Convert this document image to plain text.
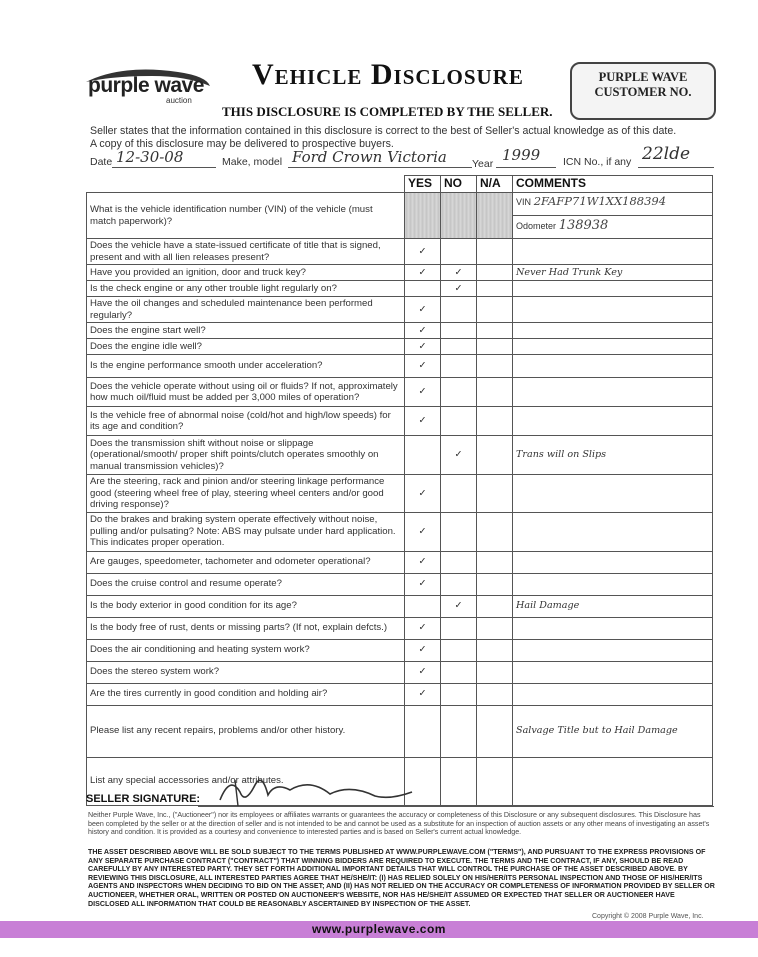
purple wave
auction
Vehicle Disclosure
THIS DISCLOSURE IS COMPLETED BY THE SELLER.
PURPLE WAVE
CUSTOMER NO.
Seller states that the information contained in this disclosure is correct to the best of Seller's actual knowledge as of this date.
A copy of this disclosure may be delivered to prospective buyers.
Date 12-30-08	Make, model Ford Crown Victoria Year 1999 ICN No., if any 22lde
	YES	NO	N/A	COMMENTS
What is the vehicle identification number (VIN) of the vehicle (must match paperwork)?				VIN 2FAFP71W1XX188394
Odometer 138938

Does the vehicle have a state-issued certificate of title that is signed, present and with all lien releases present?	✓			
Have you provided an ignition, door and truck key?	✓	✓		Never Had Trunk Key
Is the check engine or any other trouble light regularly on?		✓		
Have the oil changes and scheduled maintenance been performed regularly?	✓			
Does the engine start well?	✓			
Does the engine idle well?	✓			
Is the engine performance smooth under acceleration?	✓			
Does the vehicle operate without using oil or fluids? If not, approximately how much oil/fluid must be added per 3,000 miles of operation?	✓			
Is the vehicle free of abnormal noise (cold/hot and high/low speeds) for its age and condition?	✓			
Does the transmission shift without noise or slippage (operational/smooth/ proper shift points/clutch operates smoothly on manual transmission vehicles)?		✓		Trans will on Slips
Are the steering, rack and pinion and/or steering linkage performance good (steering wheel free of play, steering wheel centers and/or good driving response)?	✓			
Do the brakes and braking system operate effectively without noise, pulling and/or pulsating? Note: ABS may pulsate under hard application. This indicates proper operation.	✓			
Are gauges, speedometer, tachometer and odometer operational?	✓			
Does the cruise control and resume operate?	✓			
Is the body exterior in good condition for its age?		✓		Hail Damage
Is the body free of rust, dents or missing parts? (If not, explain defcts.)	✓			
Does the air conditioning and heating system work?	✓			
Does the stereo system work?	✓			
Are the tires currently in good condition and holding air?	✓			
Please list any recent repairs, problems and/or other history.				Salvage Title but to Hail Damage
List any special accessories and/or attributes.				
SELLER SIGNATURE:
Neither Purple Wave, Inc., ("Auctioneer") nor its employees or affiliates warrants or guarantees the accuracy or completeness of this Disclosure or any subsequent disclosures. This Disclosure has been completed by the seller or at the direction of seller and is not intended to be and cannot be used as a substitute for an inspection of auction assets or any other means of investigating an asset's history and condition. It is provided as a courtesy and convenience to interested parties and is based on Seller's current actual knowledge.
THE ASSET DESCRIBED ABOVE WILL BE SOLD SUBJECT TO THE TERMS PUBLISHED AT WWW.PURPLEWAVE.COM ("TERMS"), AND PURSUANT TO THE EXPRESS PROVISIONS OF ANY SEPARATE PURCHASE CONTRACT ("CONTRACT") THAT WINNING BIDDERS ARE REQUIRED TO EXECUTE. THE TERMS AND THE CONTRACT, IF ANY, SHOULD BE READ CAREFULLY BY ANY INTERESTED PARTY. THEY SET FORTH ADDITIONAL IMPORTANT DETAILS THAT WILL CONTROL THE PURCHASE OF THE ASSET DESCRIBED ABOVE. BY REVIEWING THIS DISCLOSURE, ALL INTERESTED PARTIES AGREE THAT HE/SHE/IT: (I) HAS RELIED SOLELY ON HIS/HER/ITS PERSONAL INSPECTION AND THOSE OF HIS/HER/ITS AGENTS AND INSPECTORS WHEN DECIDING TO BID ON THE ASSET; AND (II) HAS NOT RELIED ON THE ACCURACY OR COMPLETENESS OF INFORMATION PROVIDED BY SELLER OR AUCTIONEER, WHETHER ORAL, WRITTEN OR POSTED ON AUCTIONEER'S WEBSITE, NOR HAS HE/SHE/IT ASSUMED OR EXPECTED THAT SELLER OR AUCTIONEER HAVE DISCLOSED ALL INFORMATION THAT COULD BE REASONABLY ASCERTAINED BY INSPECTION OF THE ASSET.
Copyright © 2008 Purple Wave, Inc.
www.purplewave.com
